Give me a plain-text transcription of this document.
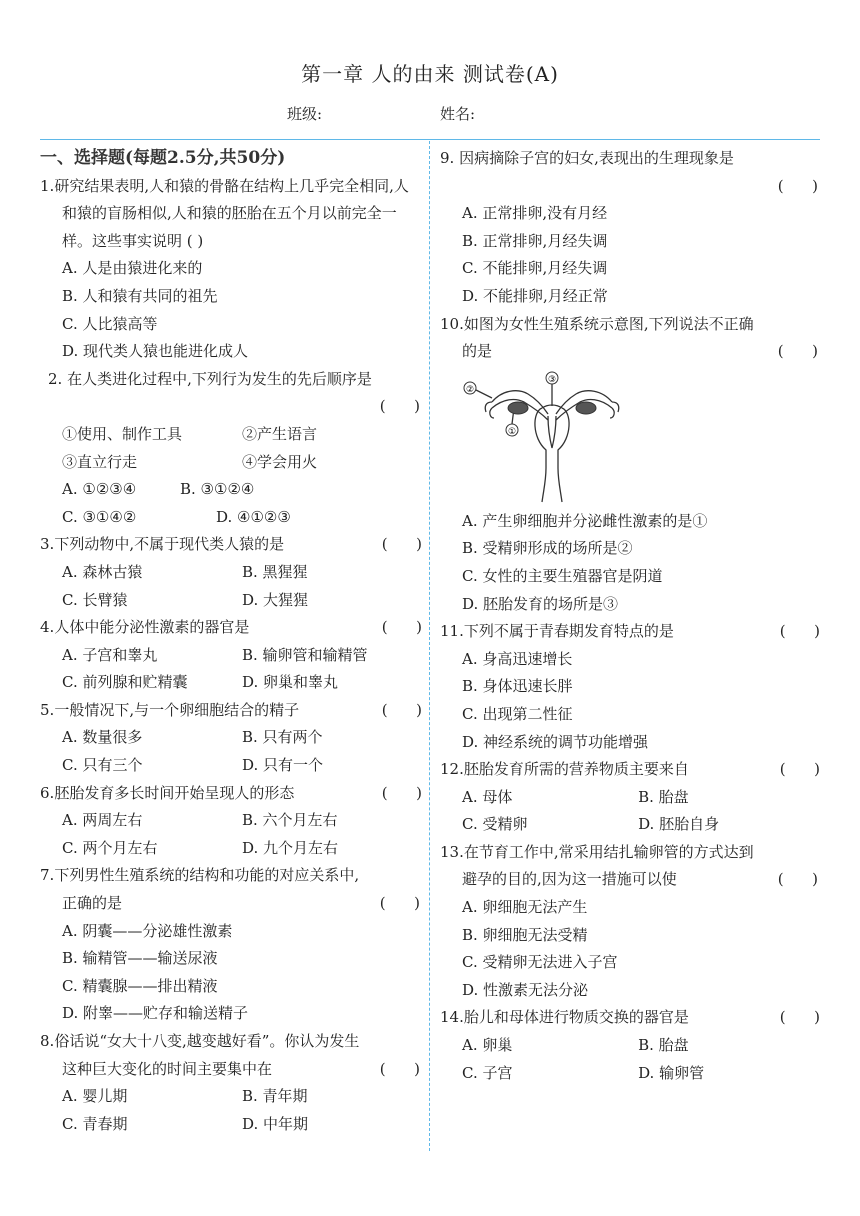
第一章 人的由来 测试卷(A)
班级:	姓名:
一、选择题(每题2.5分,共50分)
1.研究结果表明,人和猿的骨骼在结构上几乎完全相同,人和猿的盲肠相似,人和猿的胚胎在五个月以前完全一样。这些事实说明 ( )
A. 人是由猿进化来的
B. 人和猿有共同的祖先
C. 人比猿高等
D. 现代类人猿也能进化成人
2. 在人类进化过程中,下列行为发生的先后顺序是
(      )
①使用、制作工具	②产生语言
③直立行走	④学会用火
A. ①②③④	B. ③①②④
C. ③①④②	D. ④①②③
(      )
3.下列动物中,不属于现代类人猿的是
A. 森林古猿	B. 黑猩猩
C. 长臂猿	D. 大猩猩
(      )
4.人体中能分泌性激素的器官是
A. 子宫和睾丸	B. 输卵管和输精管
C. 前列腺和贮精囊	D. 卵巢和睾丸
(      )
5.一般情况下,与一个卵细胞结合的精子
A. 数量很多	B. 只有两个
C. 只有三个	D. 只有一个
(      )
6.胚胎发育多长时间开始呈现人的形态
A. 两周左右	B. 六个月左右
C. 两个月左右	D. 九个月左右
7.下列男性生殖系统的结构和功能的对应关系中,正确的是	(      )
A. 阴囊——分泌雄性激素
B. 输精管——输送尿液
C. 精囊腺——排出精液
D. 附睾——贮存和输送精子
8.俗话说“女大十八变,越变越好看”。你认为发生这种巨大变化的时间主要集中在	(      )
A. 婴儿期	B. 青年期
C. 青春期	D. 中年期
9. 因病摘除子宫的妇女,表现出的生理现象是
(      )
A. 正常排卵,没有月经
B. 正常排卵,月经失调
C. 不能排卵,月经失调
D. 不能排卵,月经正常
10.如图为女性生殖系统示意图,下列说法不正确的是	(      )
②
③
①
A. 产生卵细胞并分泌雌性激素的是①
B. 受精卵形成的场所是②
C. 女性的主要生殖器官是阴道
D. 胚胎发育的场所是③
(      )
11.下列不属于青春期发育特点的是
A. 身高迅速增长
B. 身体迅速长胖
C. 出现第二性征
D. 神经系统的调节功能增强
(      )
12.胚胎发育所需的营养物质主要来自
A. 母体	B. 胎盘
C. 受精卵	D. 胚胎自身
13.在节育工作中,常采用结扎输卵管的方式达到避孕的目的,因为这一措施可以使	(      )
A. 卵细胞无法产生
B. 卵细胞无法受精
C. 受精卵无法进入子宫
D. 性激素无法分泌
(      )
14.胎儿和母体进行物质交换的器官是
A. 卵巢	B. 胎盘
C. 子宫	D. 输卵管
